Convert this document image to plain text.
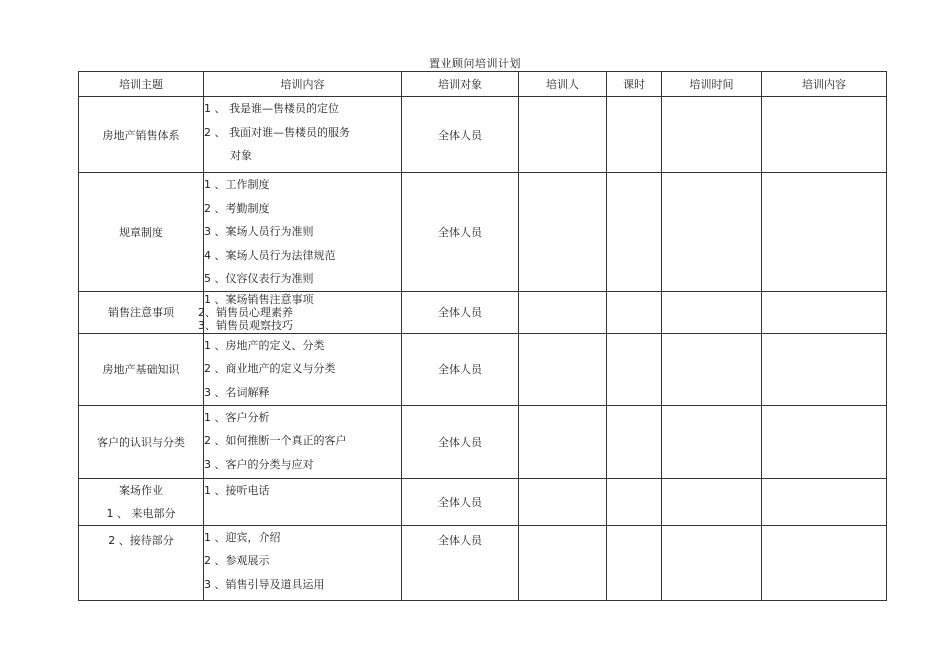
置业顾问培训计划
培训主题	培训内容	培训对象	培训人	课时	培训时间	培训内容
房地产销售体系	1 、 我是谁—售楼员的定位
2 、 我面对谁—售楼员的服务
对象	全体人员				
规章制度	1 、工作制度
2 、考勤制度
3 、案场人员行为准则
4 、案场人员行为法律规范
5 、仪容仪表行为准则	全体人员				
销售注意事项	1 、案场销售注意事项
2、销售员心理素养
3、销售员观察技巧	全体人员				
房地产基础知识	1 、房地产的定义、分类
2 、商业地产的定义与分类
3 、名词解释	全体人员				
客户的认识与分类	1 、客户分析
2 、如何推断一个真正的客户
3 、客户的分类与应对	全体人员				

案场作业
1 、 来电部分	1 、接听电话	全体人员				
2 、接待部分	1 、迎宾，介绍
2 、参观展示
3 、销售引导及道具运用	全体人员				
